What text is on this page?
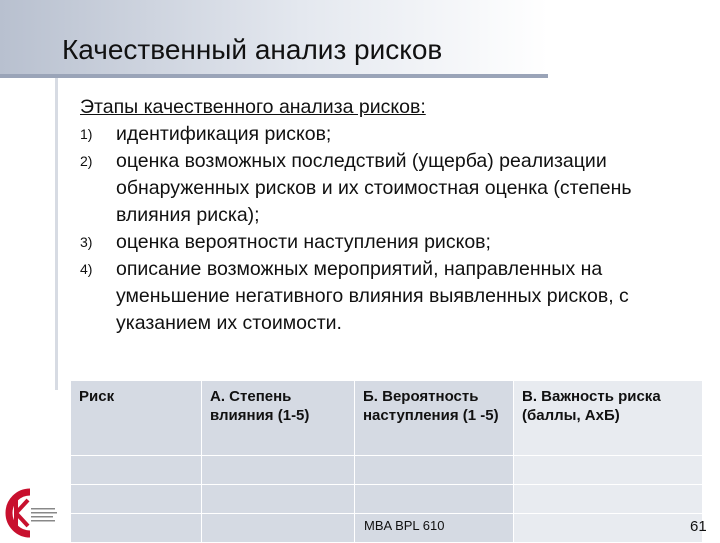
Качественный анализ рисков
Этапы качественного анализа рисков:
1) идентификация рисков;
2) оценка возможных последствий (ущерба) реализации обнаруженных рисков и их стоимостная оценка (степень влияния риска);
3) оценка вероятности наступления рисков;
4) описание возможных мероприятий, направленных на уменьшение негативного влияния выявленных рисков, с указанием их стоимости.
Риск	А. Степень влияния (1-5)	Б. Вероятность наступления (1 -5)	В. Важность риска (баллы, АхБ)

MBA BPL 610	61
